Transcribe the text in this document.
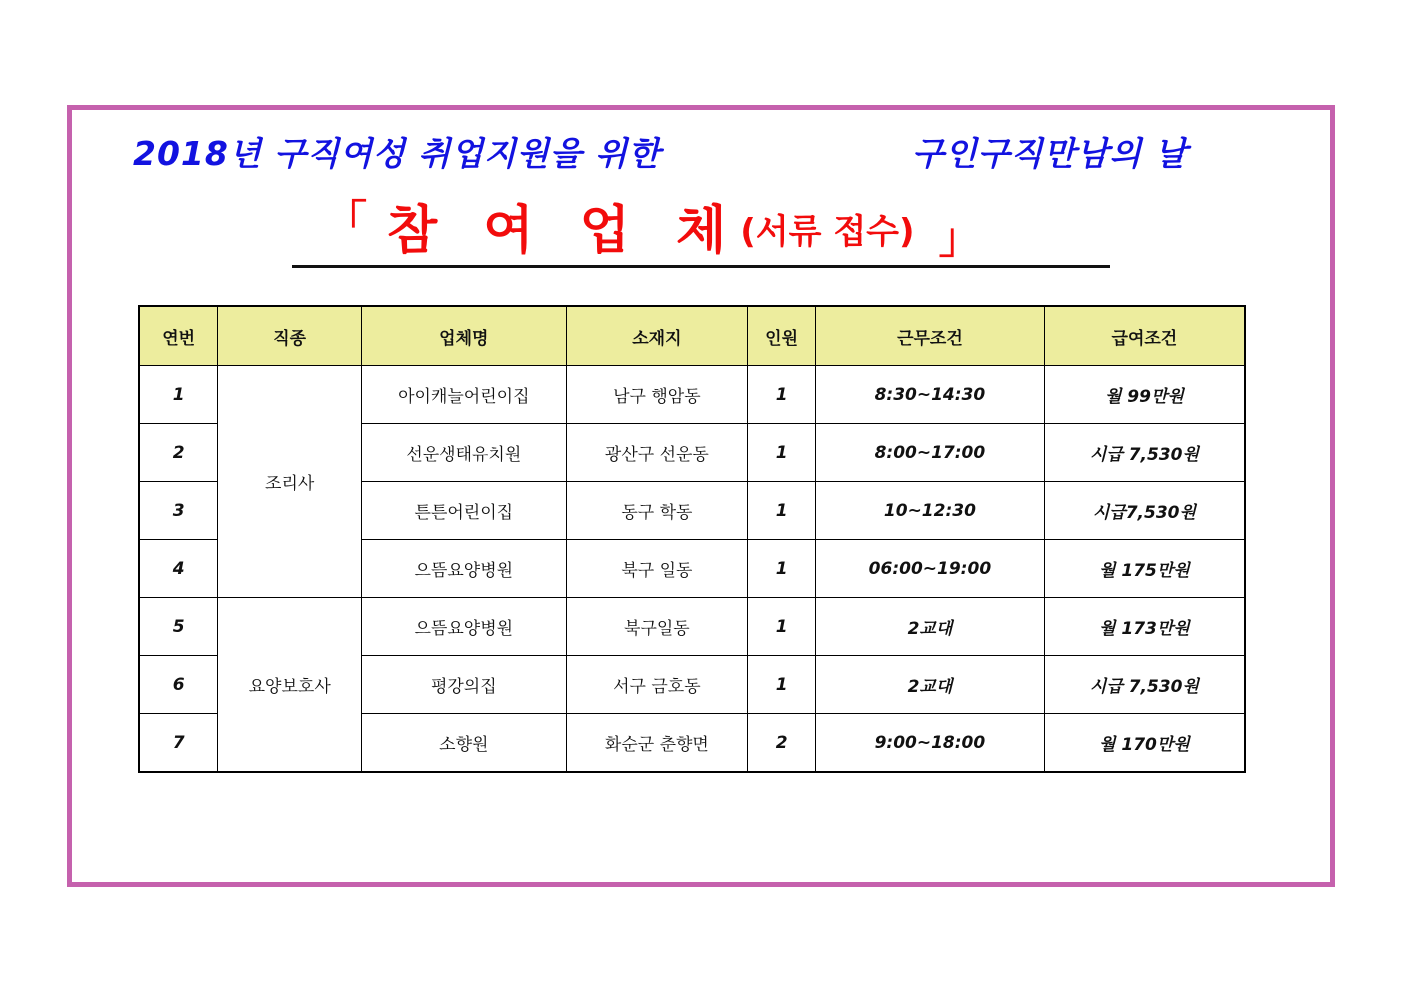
2018년 구직여성 취업지원을 위한	구인구직만남의 날
「 참 여 업 체(서류 접수) 」
연번	직종	업체명	소재지	인원	근무조건	급여조건
1	조리사	아이캐늘어린이집	남구 행암동	1	8:30~14:30	월 99만원
2		선운생태유치원	광산구 선운동	1	8:00~17:00	시급 7,530원
3		튼튼어린이집	동구 학동	1	10~12:30	시급7,530원
4		으뜸요양병원	북구 일동	1	06:00~19:00	월 175만원
5	요양보호사	으뜸요양병원	북구일동	1	2교대	월 173만원
6		평강의집	서구 금호동	1	2교대	시급 7,530원
7		소향원	화순군 춘향면	2	9:00~18:00	월 170만원
